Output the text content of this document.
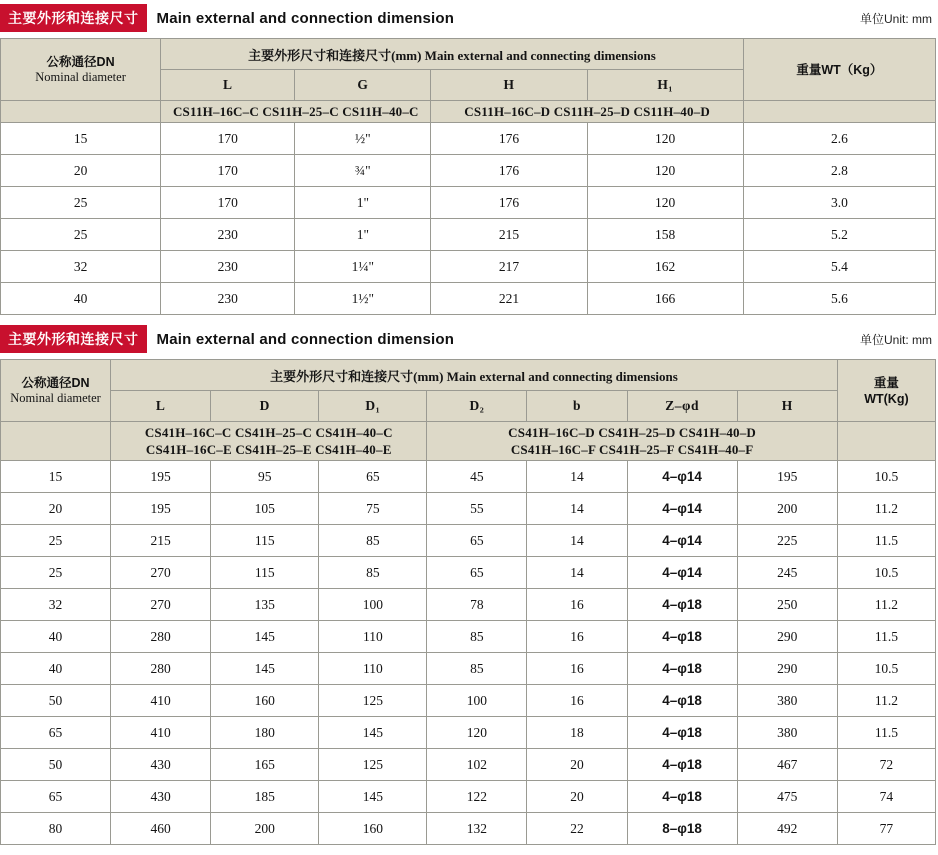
主要外形和连接尺寸	Main external and connection dimension	单位Unit: mm
公称通径DN
Nominal diameter	主要外形尺寸和连接尺寸(mm) Main external and connecting dimensions				重量WT（Kg）
	L	G	H	H₁	
	CS11H–16C–C CS11H–25–C CS11H–40–C		CS11H–16C–D CS11H–25–D CS11H–40–D		
15	170	½"	176	120	2.6
20	170	¾"	176	120	2.8
25	170	1"	176	120	3.0
25	230	1"	215	158	5.2
32	230	1¼"	217	162	5.4
40	230	1½"	221	166	5.6
主要外形和连接尺寸	Main external and connection dimension	单位Unit: mm
公称通径DN
Nominal diameter
	主要外形尺寸和连接尺寸(mm) Main external and connecting dimensions	重量
WT(Kg)

	L	D	D₁	D₂	b	Z–φd	H	

CS41H–16C–C CS41H–25–C CS41H–40–C
CS41H–16C–E CS41H–25–E CS41H–40–E

CS41H–16C–D CS41H–25–D CS41H–40–D
CS41H–16C–F CS41H–25–F CS41H–40–F

15	195	95	65	45	14	4–φ14	195	10.5
20	195	105	75	55	14	4–φ14	200	11.2
25	215	115	85	65	14	4–φ14	225	11.5
25	270	115	85	65	14	4–φ14	245	10.5
32	270	135	100	78	16	4–φ18	250	11.2
40	280	145	110	85	16	4–φ18	290	11.5
40	280	145	110	85	16	4–φ18	290	10.5
50	410	160	125	100	16	4–φ18	380	11.2
65	410	180	145	120	18	4–φ18	380	11.5
50	430	165	125	102	20	4–φ18	467	72
65	430	185	145	122	20	4–φ18	475	74
80	460	200	160	132	22	8–φ18	492	77
